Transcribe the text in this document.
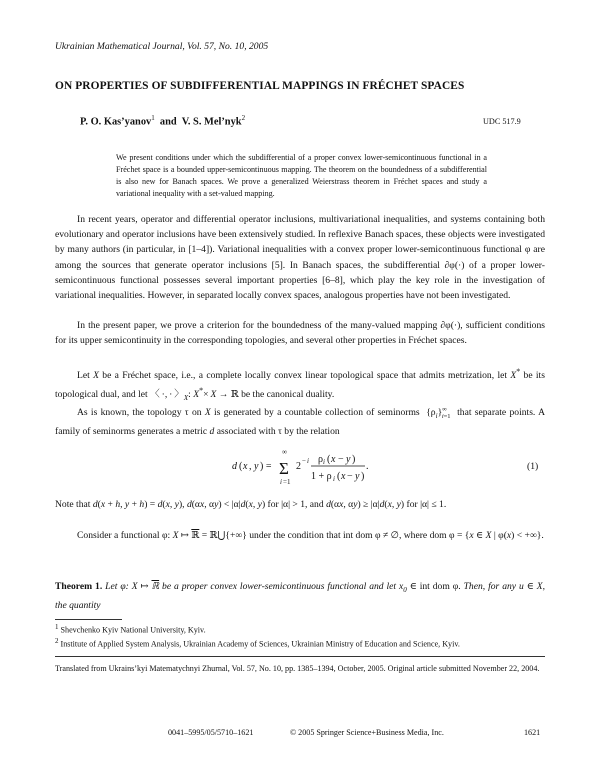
Ukrainian Mathematical Journal, Vol. 57, No. 10, 2005
ON PROPERTIES OF SUBDIFFERENTIAL MAPPINGS IN FRÉCHET SPACES
P. O. Kas’yanov$^1$ and V. S. Mel’nyk$^2$	UDC 517.9

We present conditions under which the subdifferential of a proper convex lower-semicontinuous functional in a Fréchet space is a bounded upper-semicontinuous mapping. The theorem on the boundedness of a subdifferential is also new for Banach spaces. We prove a generalized Weierstrass theorem in Fréchet spaces and study a variational inequality with a set-valued mapping.

In recent years, operator and differential operator inclusions, multivariational inequalities, and systems containing both evolutionary and operator inclusions have been extensively studied. In reflexive Banach spaces, these objects were investigated by many authors (in particular, in [1–4]). Variational inequalities with a convex proper lower-semicontinuous functional φ are among the sources that generate operator inclusions [5]. In Banach spaces, the subdifferential ∂φ(·) of a proper lower-semicontinuous functional possesses several important properties [6–8], which play the key role in the investigation of variational inequalities. However, in separated locally convex spaces, analogous properties have not been investigated.

In the present paper, we prove a criterion for the boundedness of the many-valued mapping ∂φ(·), sufficient conditions for its upper semicontinuity in the corresponding topologies, and several other properties in Fréchet spaces.

Let X be a Fréchet space, i.e., a complete locally convex linear topological space that admits metrization, let X* be its topological dual, and let 〈 ·, · 〉$_X$: X*× X → ℝ be the canonical duality.

As is known, the topology τ on X is generated by a countable collection of seminorms  $\{\rho_i\}^\infty_{i=1}$ that separate points. A family of seminorms generates a metric d associated with τ by the relation

d ( x , y ) =
∞
Σ
i =1
2 − i ρ i ( x − y )
1 + ρ i ( x − y )
.	(1)

Note that d(x + h, y + h) = d(x, y), d(αx, αy) < |α|d(x, y) for |α| > 1, and d(αx, αy) ≥ |α|d(x, y) for |α| ≤ 1.

Consider a functional φ: X ↦ ℝ = ℝ⋃{+∞} under the condition that int dom φ ≠ ∅, where dom φ = {x ∈ X | φ(x) < +∞}.

Theorem 1. Let φ: X ↦ ℝ be a proper convex lower-semicontinuous functional and let $x_0$ ∈ int dom φ. Then, for any u ∈ X, the quantity
$^1$ Shevchenko Kyiv National University, Kyiv.
$^2$ Institute of Applied System Analysis, Ukrainian Academy of Sciences, Ukrainian Ministry of Education and Science, Kyiv.
Translated from Ukrains’kyi Matematychnyi Zhurnal, Vol. 57, No. 10, pp. 1385–1394, October, 2005. Original article submitted November 22, 2004.
0041–5995/05/5710–1621	© 2005 Springer Science+Business Media, Inc.	1621
